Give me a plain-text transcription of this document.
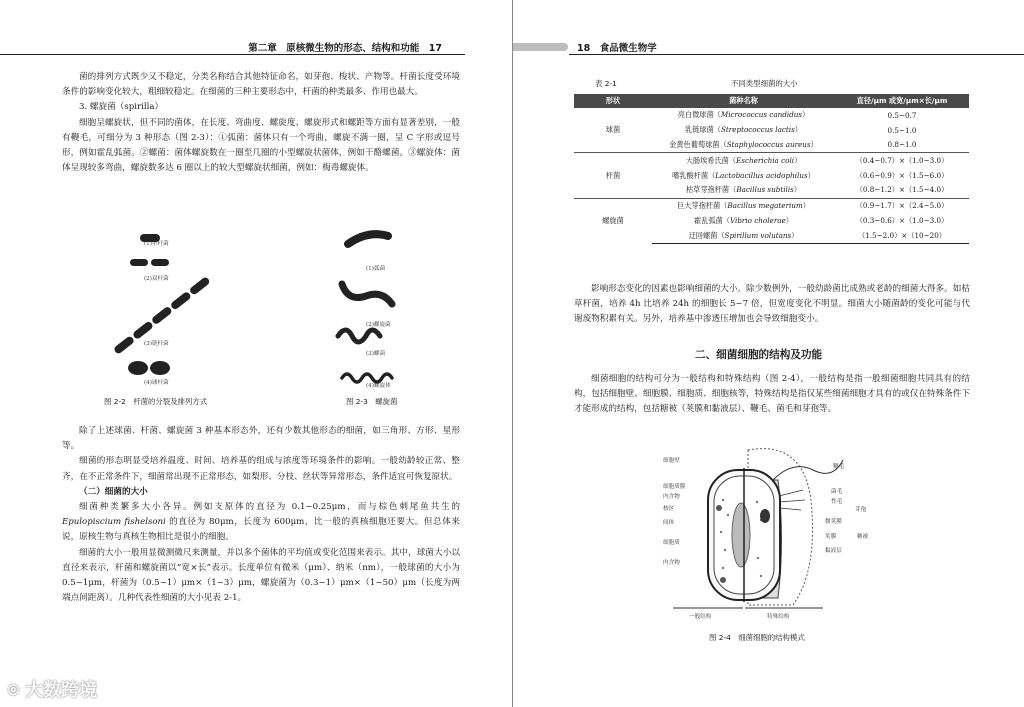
第二章　原核微生物的形态、结构和功能　17

菌的排列方式既少又不稳定，分类名称结合其他特征命名，如芽孢、梭状、产物等。杆菌长度受环境条件的影响变化较大，粗细较稳定。在细菌的三种主要形态中，杆菌的种类最多、作用也最大。

3. 螺旋菌（spirilla）

细胞呈螺旋状，但不同的菌体，在长度、弯曲度、螺旋度、螺旋形式和螺距等方面有显著差别，一般有鞭毛，可细分为 3 种形态（图 2-3）：①弧菌：菌体只有一个弯曲，螺旋不满一圈，呈 C 字形或逗号形，例如霍乱弧菌。②螺菌：菌体螺旋数在一圈至几圈的小型螺旋状菌体，例如干酪螺菌。③螺旋体：菌体呈现较多弯曲，螺旋数多达 6 圈以上的较大型螺旋状细菌，例如：梅毒螺旋体。

(1)单杆菌
(2)双杆菌
(3)链杆菌
(4)球杆菌
(1)弧菌
(2)螺旋菌
(3)螺菌
(4)螺旋体
图 2-2　杆菌的分裂及排列方式	图 2-3　螺旋菌

除了上述球菌、杆菌、螺旋菌 3 种基本形态外，还有少数其他形态的细菌，如三角形、方形、星形等。

细菌的形态明显受培养温度、时间、培养基的组成与浓度等环境条件的影响。一般幼龄较正常、整齐，在不正常条件下，细菌常出现不正常形态，如梨形、分枝、丝状等异常形态，条件适宜可恢复原状。

（二）细菌的大小

细菌种类繁多大小各异。例如支原体的直径为 0.1~0.25μm，而与棕色刺尾鱼共生的 Epulopiscium fishelsoni 的直径为 80μm，长度为 600μm，比一般的真核细胞还要大。但总体来说，原核生物与真核生物相比是很小的细胞。

细菌的大小一般用显微测微尺来测量，并以多个菌体的平均值或变化范围来表示。其中，球菌大小以直径来表示，杆菌和螺旋菌以“宽×长”表示。长度单位有微米（μm）、纳米（nm），一般球菌的大小为 0.5~1μm，杆菌为（0.5~1）μm×（1~3）μm，螺旋菌为（0.3~1）μm×（1~50）μm（长度为两端点间距离）。几种代表性细菌的大小见表 2-1。

⌾ 大数跨境
18　食品微生物学
表 2-1	不同类型细菌的大小
形状	菌种名称	直径/μm 或宽/μm×长/μm
球菌	亮白微球菌（Micrococcus candidus）	0.5~0.7
	乳链球菌（Streptococcus lactis）	0.5~1.0
	金黄色葡萄球菌（Staphylococcus aureus）	0.8~1.0
杆菌	大肠埃希氏菌（Escherichia coli）	（0.4~0.7）×（1.0~3.0）
	嗜乳酸杆菌（Lactobacillus acidophilus）	（0.6~0.9）×（1.5~6.0）
	枯草芽孢杆菌（Bacillus subtilis）	（0.8~1.2）×（1.5~4.0）
螺旋菌	巨大芽孢杆菌（Bacillus megaterium）	（0.9~1.7）×（2.4~5.0）
	霍乱弧菌（Vibrio cholerae）	（0.3~0.6）×（1.0~3.0）
	迂回螺菌（Spirillum volutans）	（1.5~2.0）×（10~20）

影响形态变化的因素也影响细菌的大小。除少数例外，一般幼龄菌比成熟或老龄的细菌大得多。如枯草杆菌，培养 4h 比培养 24h 的细胞长 5~7 倍，但宽度变化不明显。细菌大小随菌龄的变化可能与代谢废物积累有关。另外，培养基中渗透压增加也会导致细胞变小。

二、细菌细胞的结构及功能

细菌细胞的结构可分为一般结构和特殊结构（图 2-4），一般结构是指一般细菌细胞共同具有的结构，包括细胞壁、细胞膜、细胞质、细胞核等，特殊结构是指仅某些细菌细胞才具有的或仅在特殊条件下才能形成的结构，包括糖被（荚膜和黏液层）、鞭毛、菌毛和芽孢等。

细胞壁
细胞质膜
内含物
核区
间体
细胞质
内含物
鞭毛
菌毛
性毛
芽孢
微荚膜
荚膜
黏液层
糖被
一般结构	特殊结构
图 2-4　细菌细胞的结构模式
